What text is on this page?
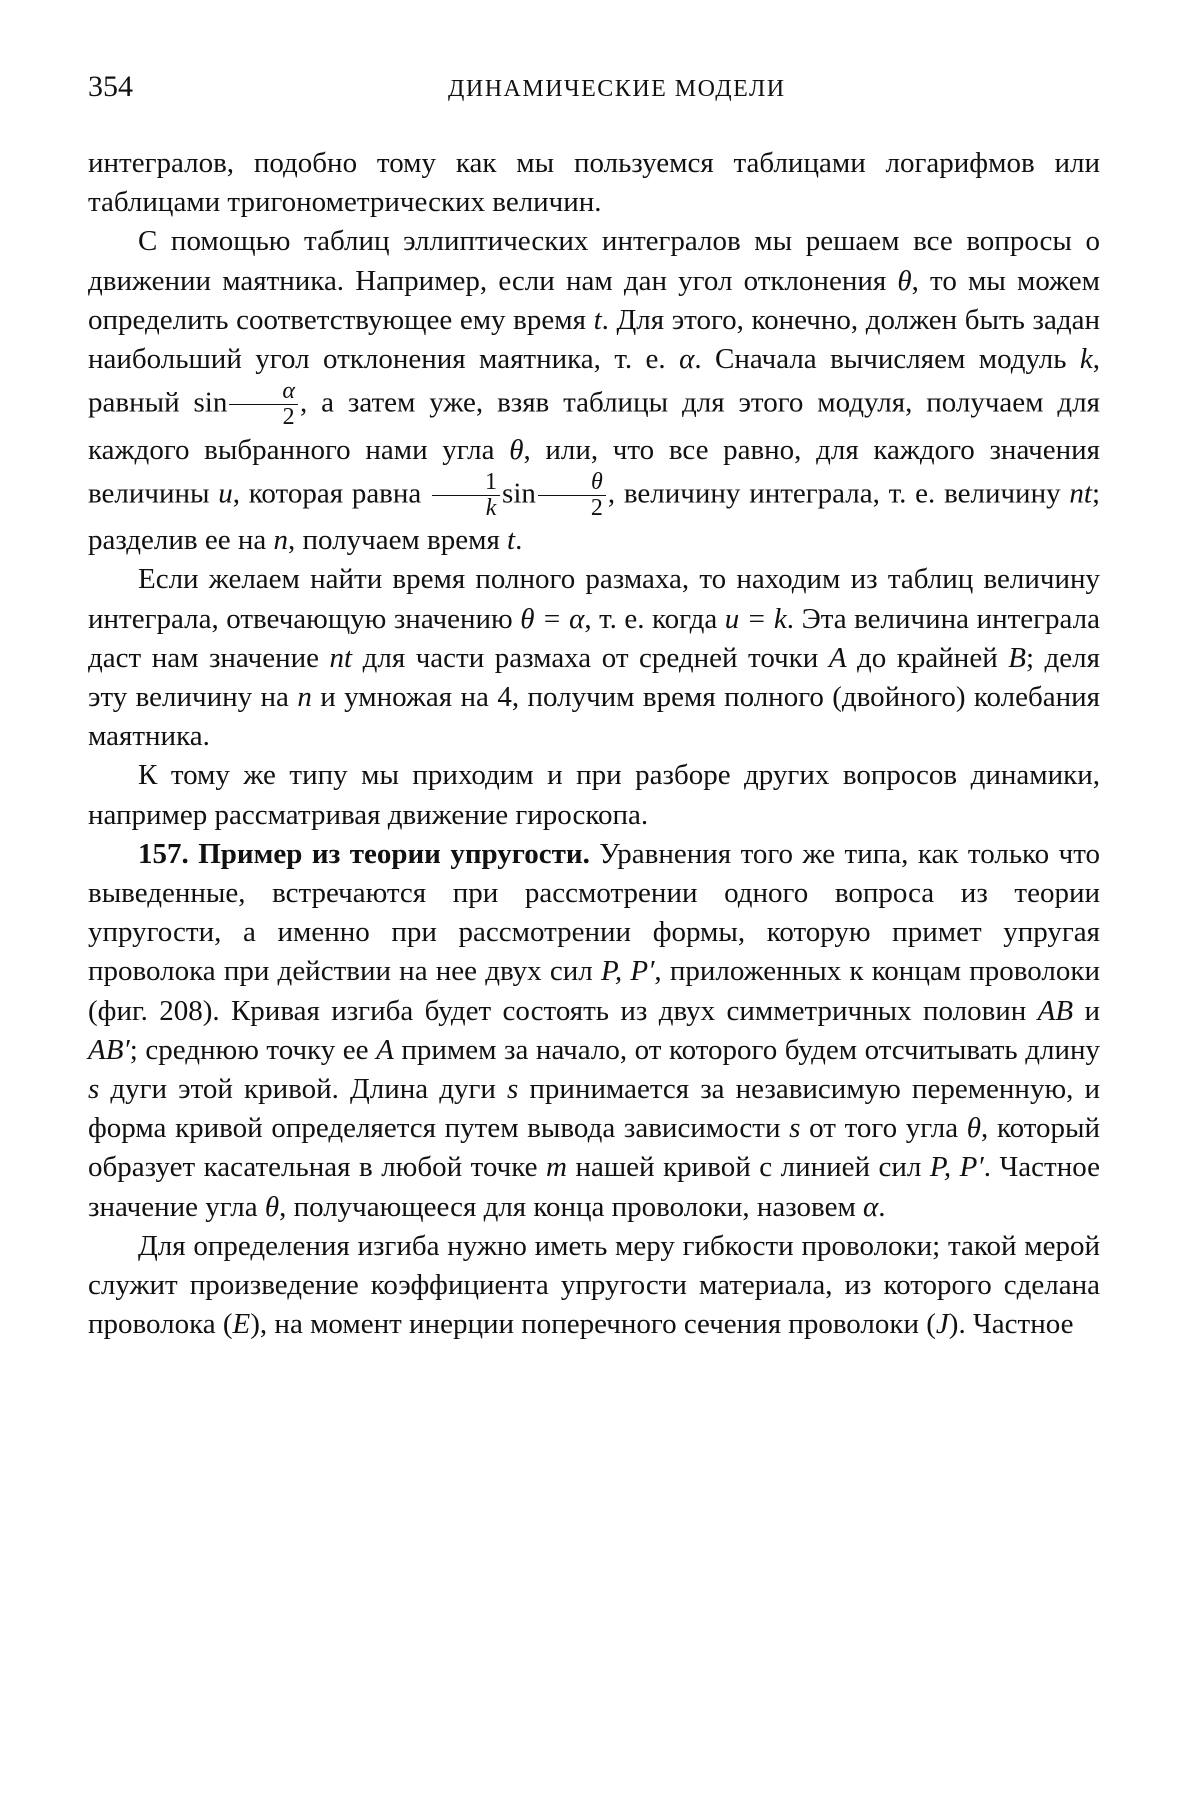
354	ДИНАМИЧЕСКИЕ МОДЕЛИ

интегралов, подобно тому как мы пользуемся таблицами логарифмов или таблицами тригонометрических величин.

С помощью таблиц эллиптических интегралов мы решаем все вопросы о движении маятника. Например, если нам дан угол отклонения θ, то мы можем определить соответствующее ему время t. Для этого, конечно, должен быть задан наибольший угол отклонения маятника, т. е. α. Сначала вычисляем модуль k, равный $\sin \frac{\alpha}{2}$ , а затем уже, взяв таблицы для этого модуля, получаем для каждого выбранного нами угла θ, или, что все равно, для каждого значения величины u, которая равна $\frac{1}{k}$ $\sin \frac{\theta}{2}$ , величину интеграла, т. е. величину nt; разделив ее на n, получаем время t.

Если желаем найти время полного размаха, то находим из таблиц величину интеграла, отвечающую значению θ = α, т. е. когда u = k. Эта величина интеграла даст нам значение nt для части размаха от средней точки A до крайней B; деля эту величину на n и умножая на 4, получим время полного (двойного) колебания маятника.

К тому же типу мы приходим и при разборе других вопросов динамики, например рассматривая движение гироскопа.

157. Пример из теории упругости. Уравнения того же типа, как только что выведенные, встречаются при рассмотрении одного вопроса из теории упругости, а именно при рассмотрении формы, которую примет упругая проволока при действии на нее двух сил P, P′, приложенных к концам проволоки (фиг. 208). Кривая изгиба будет состоять из двух симметричных половин AB и AB′; среднюю точку ее A примем за начало, от которого будем отсчитывать длину s дуги этой кривой. Длина дуги s принимается за независимую переменную, и форма кривой определяется путем вывода зависимости s от того угла θ, который образует касательная в любой точке m нашей кривой с линией сил P, P′. Частное значение угла θ, получающееся для конца проволоки, назовем α.

Для определения изгиба нужно иметь меру гибкости проволоки; такой мерой служит произведение коэффициента упругости материала, из которого сделана проволока (E), на момент инерции поперечного сечения проволоки (J). Частное
